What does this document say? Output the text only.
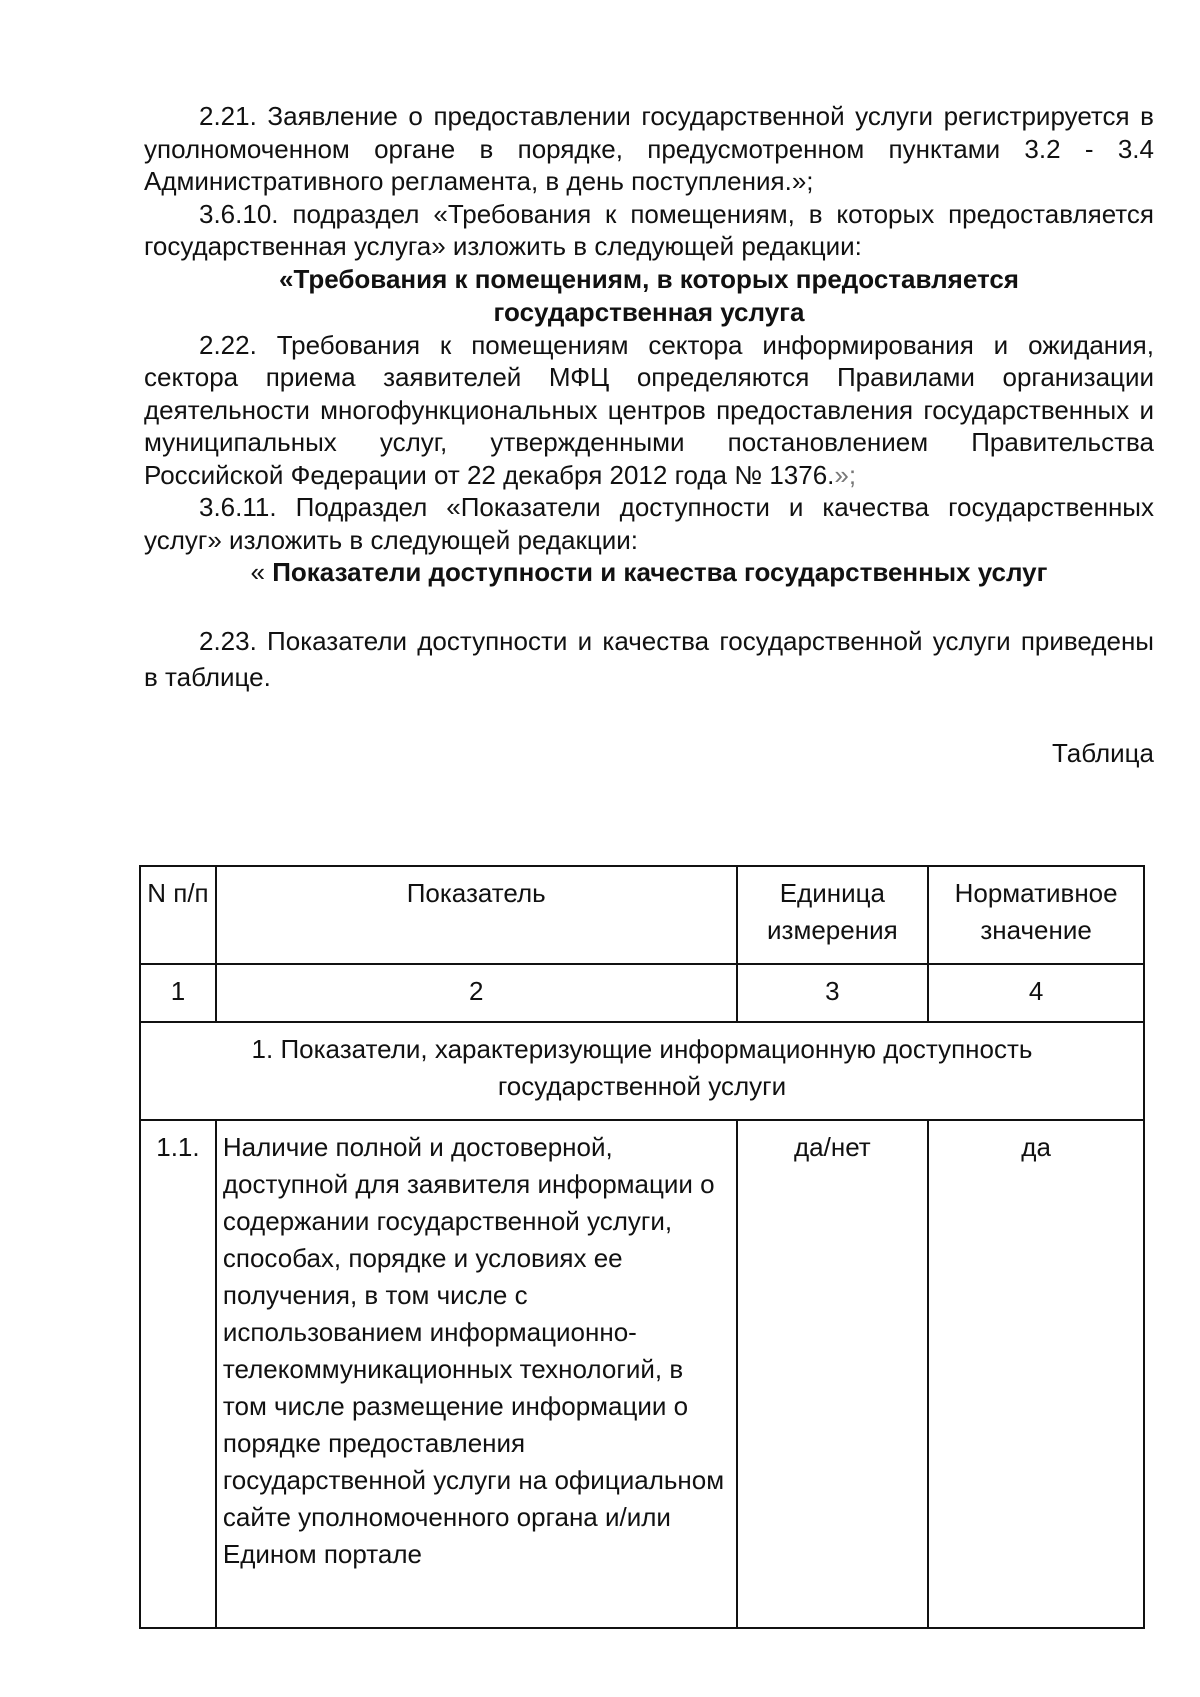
2.21. Заявление о предоставлении государственной услуги регистрируется в уполномоченном органе в порядке, предусмотренном пунктами 3.2 - 3.4 Административного регламента, в день поступления.»;

3.6.10. подраздел «Требования к помещениям, в которых предоставляется государственная услуга» изложить в следующей редакции:

«Требования к помещениям, в которых предоставляется

государственная услуга

2.22. Требования к помещениям сектора информирования и ожидания, сектора приема заявителей МФЦ определяются Правилами организации деятельности многофункциональных центров предоставления государственных и муниципальных услуг, утвержденными постановлением Правительства Российской Федерации от 22 декабря 2012 года № 1376.»;

3.6.11. Подраздел «Показатели доступности и качества государственных услуг» изложить в следующей редакции:

« Показатели доступности и качества государственных услуг

2.23. Показатели доступности и качества государственной услуги приведены в таблице.

Таблица
N п/п	Показатель	Единица измерения	Нормативное значение
1	2	3	4
1. Показатели, характеризующие информационную доступность государственной услуги			
1.1.	Наличие полной и достоверной, доступной для заявителя информации о содержании государственной услуги, способах, порядке и условиях ее получения, в том числе с использованием информационно-телекоммуникационных технологий, в том числе размещение информации о порядке предоставления государственной услуги на официальном сайте уполномоченного органа и/или Едином портале	да/нет	да
